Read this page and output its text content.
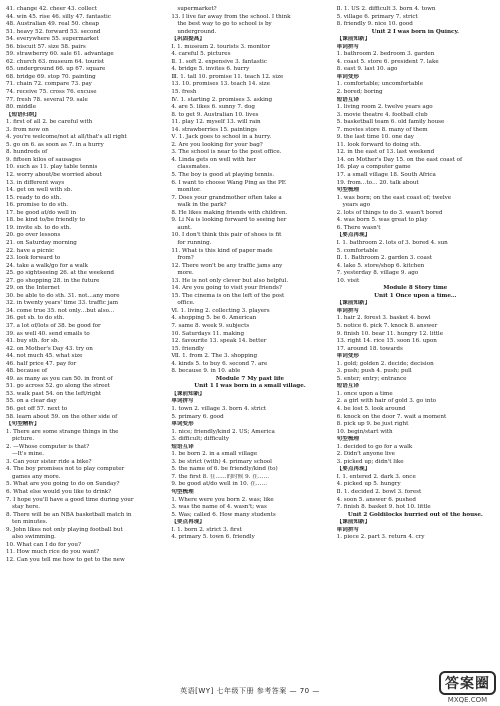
41. change 42. cheer 43. collect
44. win 45. rise 46. silly 47. fantastic
48. Australian 49. real 50. cheap
51. heavy 52. forward 53. second
54. everywhere 55. supermarket
56. biscuit 57. size 58. pairs
59. strawberry 60. sale 61. advantage
62. church 63. museum 64. tourist
65. underground 66. up 67. square
68. bridge 69. stop 70. painting
71. chain 72. compare 73. pay
74. receive 75. cross 76. excuse
77. fresh 78. several 79. sale
80. middle
【短语归纳】
1. first of all 2. be careful with
3. from now on
4. you're welcome/not at all/that's all right
5. go on 6. as soon as 7. in a hurry
8. hundreds of
9. fifteen kilos of sausages
10. such as 11. play table tennis
12. worry about/be worried about
13. in different ways
14. get on well with sb.
15. ready to do sth.
16. promise to do sth.
17. be good at/do well in
18. be kind to/be friendly to
19. invite sb. to do sth.
20. go over lessons
21. on Saturday morning
22. have a picnic
23. look forward to
24. take a walk/go for a walk
25. go sightseeing 26. at the weekend
27. go shopping 28. in the future
29. on the Internet
30. be able to do sth. 31. not…any more
32. in twenty years' time 33. traffic jam
34. come true 35. not only…but also…
36. get sb. to do sth.
37. a lot of/lots of 38. be good for
39. as well 40. send emails to
41. buy sth. for sb.
42. on Mother's Day 43. try on
44. not much 45. what size
46. half price 47. pay for
48. because of
49. as many as you can 50. in front of
51. go across 52. go along the street
53. walk past 54. on the left/right
55. on a clear day
56. get off 57. next to
58. learn about 59. on the other side of
【句型精析】
1. There are some strange things in the
picture.
2. —Whose computer is that?
—It's mine.
3. Can your sister ride a bike?
4. The boy promises not to play computer
games any more.
5. What are you going to do on Sunday?
6. What else would you like to drink?
7. I hope you'll have a good time during your
stay here.
8. There will be an NBA basketball match in
ten minutes.
9. John likes not only playing football but
also swimming.
10. What can I do for you?
11. How much rice do you want?
12. Can you tell me how to get to the new
supermarket?
13. I live far away from the school. I think
the best way to go to school is by
underground.
【巩固提高】
Ⅰ. 1. museum 2. tourists 3. monitor
4. careful 5. pictures
Ⅱ. 1. soft 2. expensive 3. fantastic
4. bridge 5. invites 6. hurry
Ⅲ. 1. tall 10. promise 11. teach 12. size
13. 10. promises 13. teach 14. size
15. fresh
Ⅳ. 1. starting 2. promises 3. asking
4. are 5. likes 6. sunny 7. dog
8. to get 9. Australian 10. lives
11. play 12. myself 13. will rain
14. strawberries 15. paintings
Ⅴ. 1. Jack goes to school in a hurry.
2. Are you looking for your bag?
3. The school is near to the post office.
4. Linda gets on well with her
classmates.
5. The boy is good at playing tennis.
6. I want to choose Wang Ping as the PE
monitor.
7. Does your grandmother often take a
walk in the park?
8. He likes making friends with children.
9. Li Na is looking forward to seeing her
aunt.
10. I don't think this pair of shoes is fit
for running.
11. What is this kind of paper made
from?
12. There won't be any traffic jams any
more.
13. He is not only clever but also helpful.
14. Are you going to visit your friends?
15. The cinema is on the left of the post
office.
Ⅵ. 1. living 2. collecting 3. players
4. shopping 5. be 6. American
7. same 8. week 9. subjects
10. Saturdays 11. making
12. favourite 13. speak 14. better
15. friendly
Ⅶ. 1. from 2. The 3. shopping
4. kinds 5. to buy 6. second 7. are
8. because 9. in 10. able
Module 7 My past life
Unit 1 I was born in a small village.
【课前知新】
单词拼写
1. town 2. village 3. born 4. strict
5. primary 6. good
单词变形
1. nice; friendly/kind 2. US; America
3. difficult; difficulty
短语互译
1. be born 2. in a small village
3. be strict (with) 4. primary school
5. the name of 6. be friendly/kind (to)
7. the first 8. 在……的时候 9. 在……
9. be good at/do well in 10. 在……
句型梳理
1. Where were you born 2. was; like
3. was the name of 4. wasn't; was
5. Was; called 6. How many students
【要点再现】
Ⅰ. 1. born 2. strict 3. first
4. primary 5. town 6. friendly
Ⅱ. 1. US 2. difficult 3. born 4. town
5. village 6. primary 7. strict
8. friendly 9. nice 10. good
Unit 2 I was born in Quincy.
【课前知新】
单词拼写
1. bathroom 2. bedroom 3. garden
4. coast 5. store 6. president 7. lake
8. east 9. last 10. ago
单词变形
1. comfortable; uncomfortable
2. bored; boring
短语互译
1. living room 2. twelve years ago
3. movie theatre 4. football club
5. basketball team 6. old family house
7. movies store 8. many of them
9. the last time 10. one day
11. look forward to doing sth.
12. in the east of 13. last weekend
14. on Mother's Day 15. on the east coast of
16. play a computer game
17. a small village 18. South Africa
19. from…to… 20. talk about
句型梳理
1. was born; on the east coast of; twelve
years ago
2. lots of things to do 3. wasn't bored
4. was born 5. was great to play
6. There wasn't
【要点再现】
Ⅰ. 1. bathroom 2. lots of 3. bored 4. sun
5. comfortable
Ⅱ. 1. Bathroom 2. garden 3. coast
4. lake 5. store/shop 6. kitchen
7. yesterday 8. village 9. ago
10. visit
Module 8 Story time
Unit 1 Once upon a time…
【课前知新】
单词拼写
1. hair 2. forest 3. basket 4. bowl
5. notice 6. pick 7. knock 8. answer
9. finish 10. bear 11. hungry 12. little
13. right 14. rice 15. soon 16. upon
17. around 18. towards
单词变形
1. gold; golden 2. decide; decision
3. push; push 4. push; pull
5. enter; entry; entrance
短语互译
1. once upon a time
2. a girl with hair of gold 3. go into
4. be lost 5. look around
6. knock on the door 7. wait a moment
8. pick up 9. be just right
10. begin/start with
句型梳理
1. decided to go for a walk
2. Didn't anyone live
3. picked up; didn't like
【要点再现】
Ⅰ. 1. entered 2. dark 3. once
4. picked up 5. hungry
Ⅱ. 1. decided 2. bowl 3. forest
4. soon 5. answer 6. pushed
7. finish 8. basket 9. hot 10. little
Unit 2 Goldilocks hurried out of the house.
【课前知新】
单词拼写
1. piece 2. part 3. return 4. cry
英语[WY] 七年级下册 参考答案 — 70 —	答案圈
MXQE.COM
